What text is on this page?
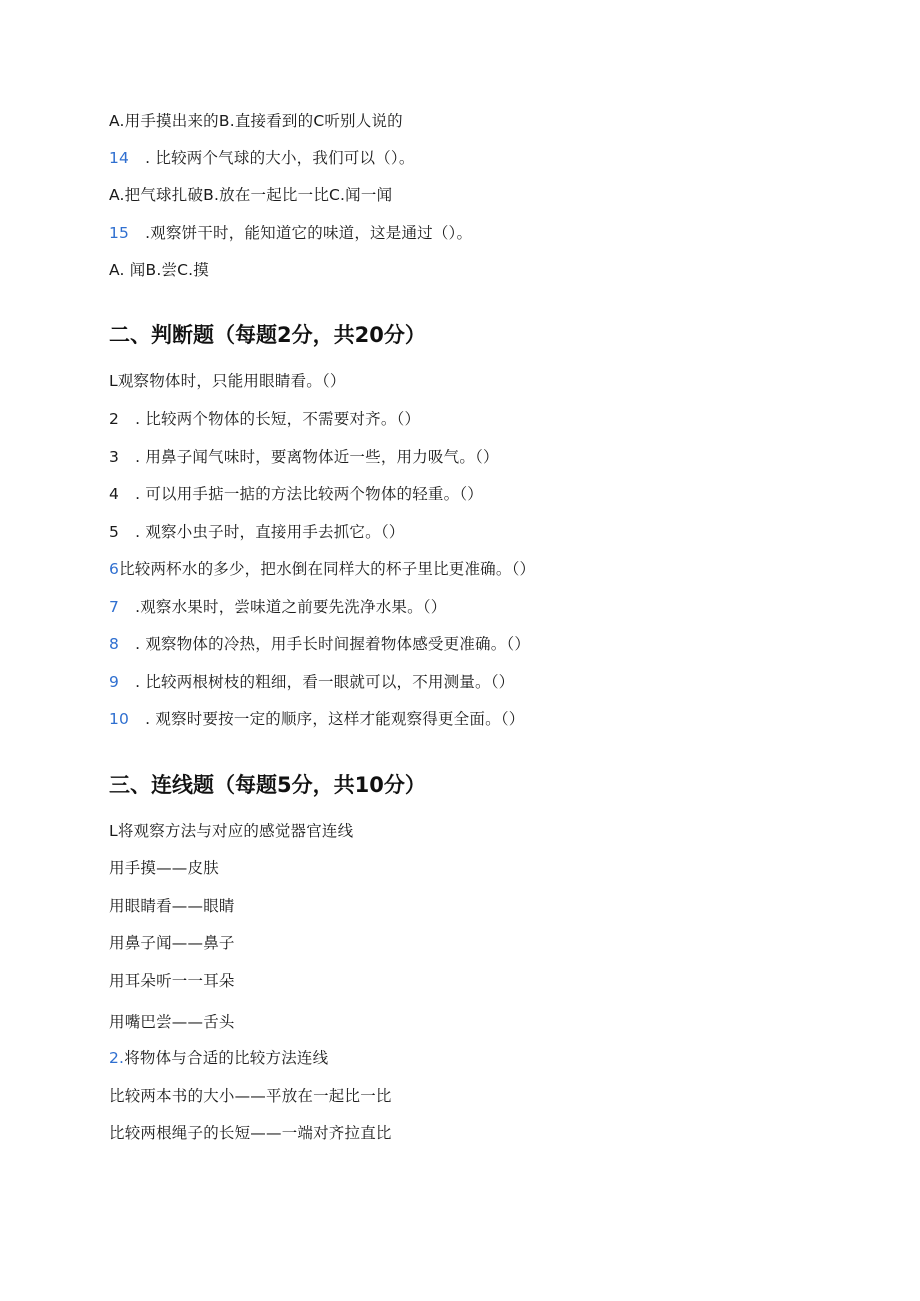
A.用手摸出来的B.直接看到的C听别人说的
14 . 比较两个气球的大小，我们可以（）。
A.把气球扎破B.放在一起比一比C.闻一闻
15 .观察饼干时，能知道它的味道，这是通过（）。
A. 闻B.尝C.摸
二、判断题（每题2分，共20分）
L观察物体时，只能用眼睛看。（）
2 . 比较两个物体的长短，不需要对齐。（）
3 . 用鼻子闻气味时，要离物体近一些，用力吸气。（）
4 . 可以用手掂一掂的方法比较两个物体的轻重。（）
5 . 观察小虫子时，直接用手去抓它。（）
6比较两杯水的多少，把水倒在同样大的杯子里比更准确。（）
7 .观察水果时，尝味道之前要先洗净水果。（）
8 . 观察物体的冷热，用手长时间握着物体感受更准确。（）
9 . 比较两根树枝的粗细，看一眼就可以，不用测量。（）
10 . 观察时要按一定的顺序，这样才能观察得更全面。（）
三、连线题（每题5分，共10分）
L将观察方法与对应的感觉器官连线
用手摸——皮肤
用眼睛看——眼睛
用鼻子闻——鼻子
用耳朵听一一耳朵
用嘴巴尝——舌头
2.将物体与合适的比较方法连线
比较两本书的大小——平放在一起比一比
比较两根绳子的长短——一端对齐拉直比
